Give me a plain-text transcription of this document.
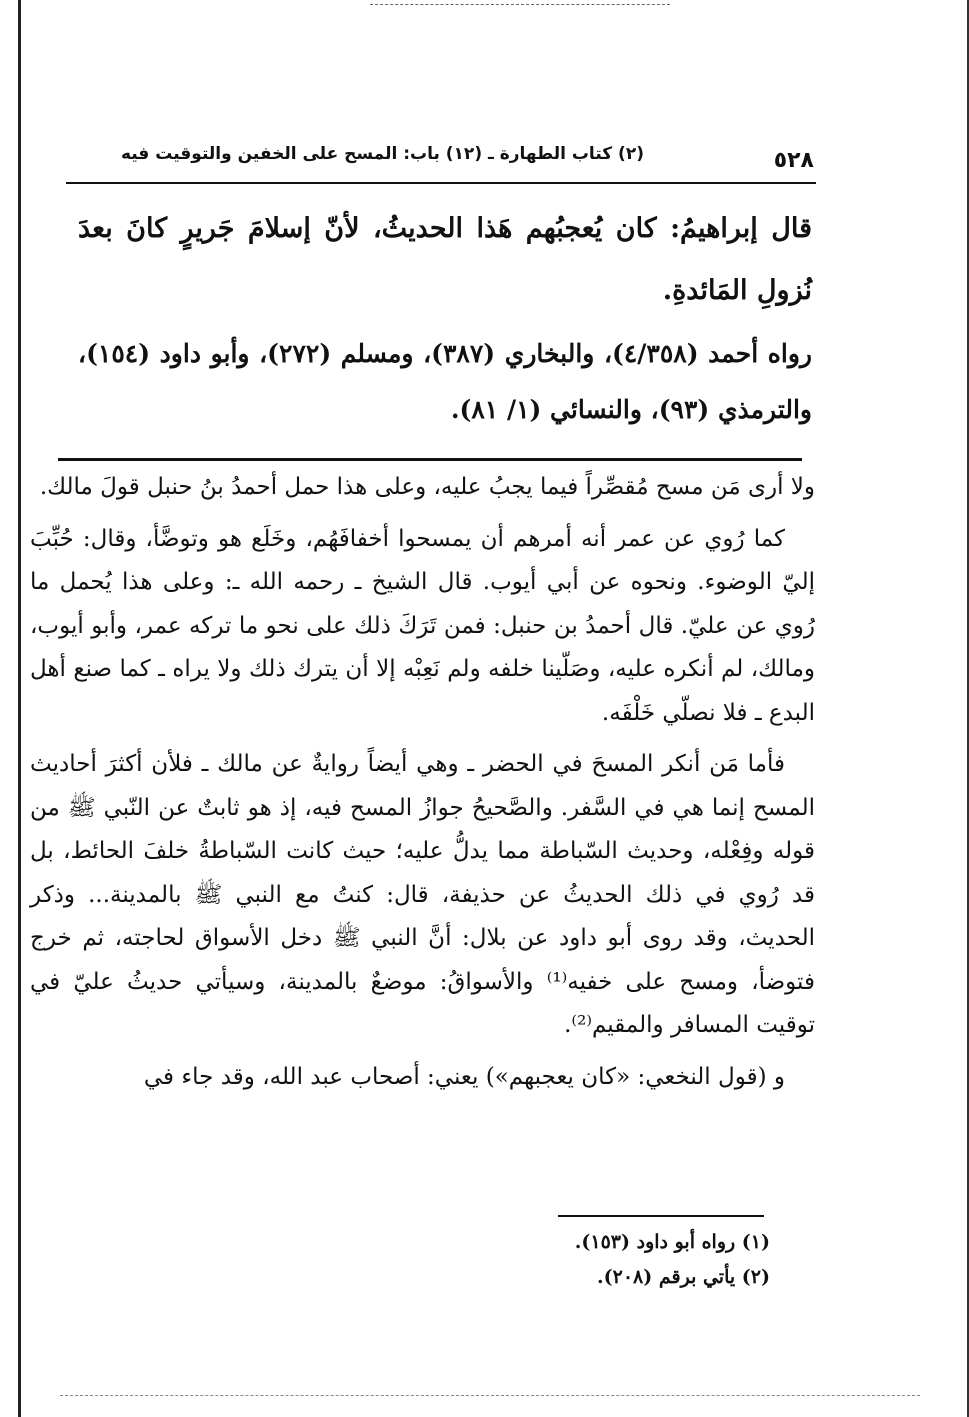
٥٢٨
(٢) كتاب الطهارة ـ (١٢) باب: المسح على الخفين والتوقيت فيه

قال إبراهيمُ: كان يُعجبُهم هَذا الحديثُ، لأنّ إسلامَ جَريرٍ كانَ بعدَ نُزولِ المَائدةِ.

رواه أحمد (٤/٣٥٨)، والبخاري (٣٨٧)، ومسلم (٢٧٢)، وأبو داود (١٥٤)، والترمذي (٩٣)، والنسائي (١/ ٨١).

ولا أرى مَن مسح مُقصِّراً فيما يجبُ عليه، وعلى هذا حمل أحمدُ بنُ حنبل قولَ مالك.

كما رُوي عن عمر أنه أمرهم أن يمسحوا أخفافَهُم، وخَلَع هو وتوضَّأ، وقال: حُبِّبَ إليّ الوضوء. ونحوه عن أبي أيوب. قال الشيخ ـ رحمه الله ـ: وعلى هذا يُحمل ما رُوي عن عليّ. قال أحمدُ بن حنبل: فمن تَرَكَ ذلك على نحو ما تركه عمر، وأبو أيوب، ومالك، لم أنكره عليه، وصَلّينا خلفه ولم نَعِبْه إلا أن يترك ذلك ولا يراه ـ كما صنع أهل البدع ـ فلا نصلّي خَلْفَه.

فأما مَن أنكر المسحَ في الحضر ـ وهي أيضاً روايةٌ عن مالك ـ فلأن أكثرَ أحاديث المسح إنما هي في السَّفر. والصَّحيحُ جوازُ المسح فيه، إذ هو ثابتٌ عن النّبي ﷺ من قوله وفِعْله، وحديث السّباطة مما يدلُّ عليه؛ حيث كانت السّباطةُ خلفَ الحائط، بل قد رُوي في ذلك الحديثُ عن حذيفة، قال: كنتُ مع النبي ﷺ بالمدينة... وذكر الحديث، وقد روى أبو داود عن بلال: أنَّ النبي ﷺ دخل الأسواق لحاجته، ثم خرج فتوضأ، ومسح على خفيه⁽¹⁾ والأسواقُ: موضعٌ بالمدينة، وسيأتي حديثُ عليّ في توقيت المسافر والمقيم⁽²⁾.

و (قول النخعي: «كان يعجبهم») يعني: أصحاب عبد الله، وقد جاء في

(١) رواه أبو داود (١٥٣).
(٢) يأتي برقم (٢٠٨).
